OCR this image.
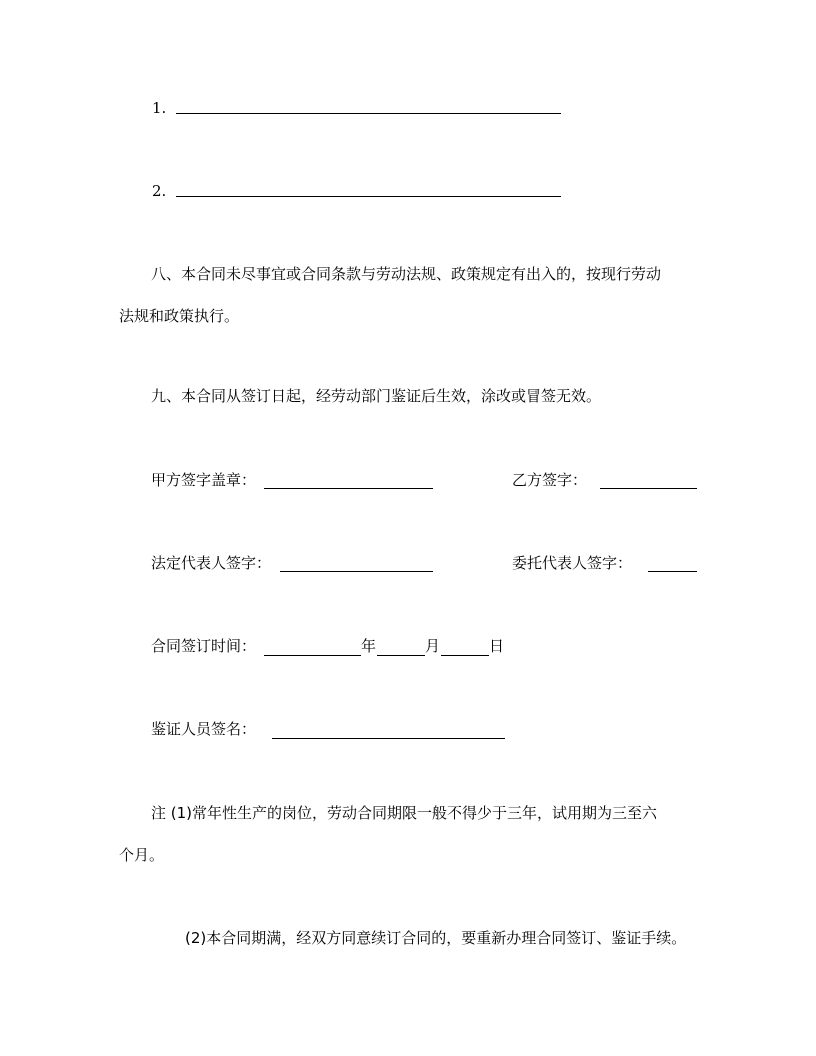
1.
2.
八、本合同未尽事宜或合同条款与劳动法规、政策规定有出入的，按现行劳动
法规和政策执行。
九、本合同从签订日起，经劳动部门鉴证后生效，涂改或冒签无效。
甲方签字盖章：	乙方签字：
法定代表人签字：	委托代表人签字：
合同签订时间：	年	月	日
鉴证人员签名：
注 (1)常年性生产的岗位，劳动合同期限一般不得少于三年，试用期为三至六
个月。
(2)本合同期满，经双方同意续订合同的，要重新办理合同签订、鉴证手续。
